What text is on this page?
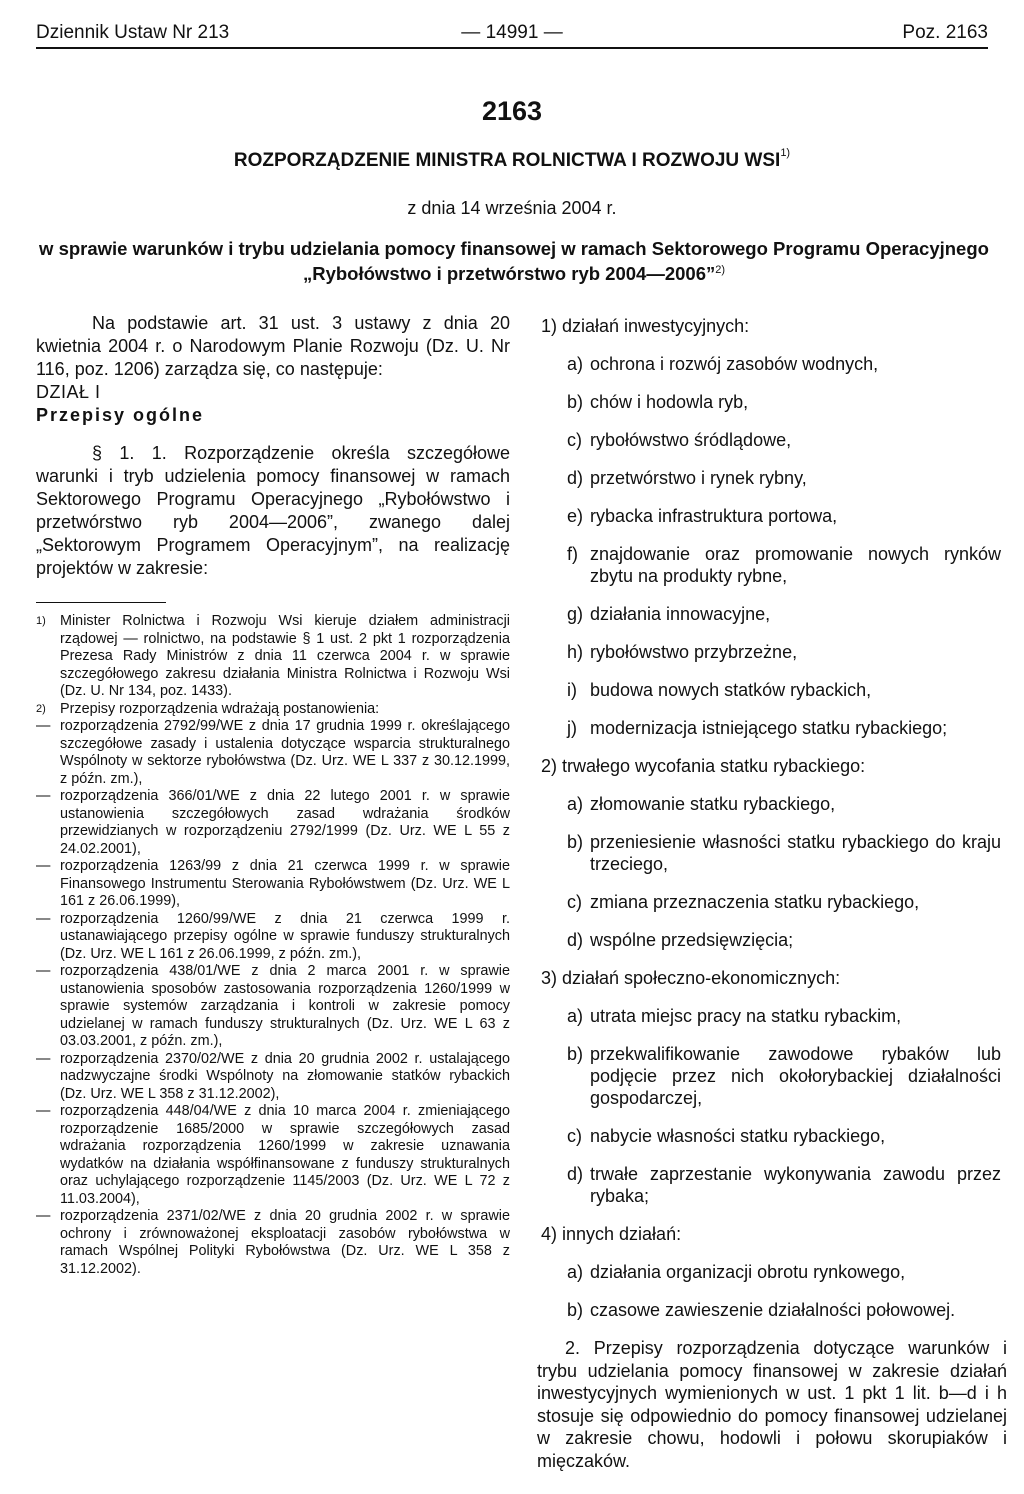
Dziennik Ustaw Nr 213	— 14991 —	Poz. 2163
2163
ROZPORZĄDZENIE MINISTRA ROLNICTWA I ROZWOJU WSI$^{1)}$
z dnia 14 września 2004 r.
w sprawie warunków i trybu udzielania pomocy finansowej w ramach Sektorowego Programu Operacyjnego
„Rybołówstwo i przetwórstwo ryb 2004—2006”$^{2)}$

Na podstawie art. 31 ust. 3 ustawy z dnia 20 kwietnia 2004 r. o Narodowym Planie Rozwoju (Dz. U. Nr 116, poz. 1206) zarządza się, co następuje:

DZIAŁ I

Przepisy ogólne

§ 1. 1. Rozporządzenie określa szczegółowe warunki i tryb udzielenia pomocy finansowej w ramach Sektorowego Programu Operacyjnego „Rybołówstwo i przetwórstwo ryb 2004—2006”, zwanego dalej „Sektorowym Programem Operacyjnym”, na realizację projektów w zakresie:

1) Minister Rolnictwa i Rozwoju Wsi kieruje działem administracji rządowej — rolnictwo, na podstawie § 1 ust. 2 pkt 1 rozporządzenia Prezesa Rady Ministrów z dnia 11 czerwca 2004 r. w sprawie szczegółowego zakresu działania Ministra Rolnictwa i Rozwoju Wsi (Dz. U. Nr 134, poz. 1433).

2) Przepisy rozporządzenia wdrażają postanowienia:

— rozporządzenia 2792/99/WE z dnia 17 grudnia 1999 r. określającego szczegółowe zasady i ustalenia dotyczące wsparcia strukturalnego Wspólnoty w sektorze rybołówstwa (Dz. Urz. WE L 337 z 30.12.1999, z późn. zm.),

— rozporządzenia 366/01/WE z dnia 22 lutego 2001 r. w sprawie ustanowienia szczegółowych zasad wdrażania środków przewidzianych w rozporządzeniu 2792/1999 (Dz. Urz. WE L 55 z 24.02.2001),

— rozporządzenia 1263/99 z dnia 21 czerwca 1999 r. w sprawie Finansowego Instrumentu Sterowania Rybołówstwem (Dz. Urz. WE L 161 z 26.06.1999),

— rozporządzenia 1260/99/WE z dnia 21 czerwca 1999 r. ustanawiającego przepisy ogólne w sprawie funduszy strukturalnych (Dz. Urz. WE L 161 z 26.06.1999, z późn. zm.),

— rozporządzenia 438/01/WE z dnia 2 marca 2001 r. w sprawie ustanowienia sposobów zastosowania rozporządzenia 1260/1999 w sprawie systemów zarządzania i kontroli w zakresie pomocy udzielanej w ramach funduszy strukturalnych (Dz. Urz. WE L 63 z 03.03.2001, z późn. zm.),

— rozporządzenia 2370/02/WE z dnia 20 grudnia 2002 r. ustalającego nadzwyczajne środki Wspólnoty na złomowanie statków rybackich (Dz. Urz. WE L 358 z 31.12.2002),

— rozporządzenia 448/04/WE z dnia 10 marca 2004 r. zmieniającego rozporządzenie 1685/2000 w sprawie szczegółowych zasad wdrażania rozporządzenia 1260/1999 w zakresie uznawania wydatków na działania współfinansowane z funduszy strukturalnych oraz uchylającego rozporządzenie 1145/2003 (Dz. Urz. WE L 72 z 11.03.2004),

— rozporządzenia 2371/02/WE z dnia 20 grudnia 2002 r. w sprawie ochrony i zrównoważonej eksploatacji zasobów rybołówstwa w ramach Wspólnej Polityki Rybołówstwa (Dz. Urz. WE L 358 z 31.12.2002).

1) działań inwestycyjnych:

a) ochrona i rozwój zasobów wodnych,

b) chów i hodowla ryb,

c) rybołówstwo śródlądowe,

d) przetwórstwo i rynek rybny,

e) rybacka infrastruktura portowa,

f) znajdowanie oraz promowanie nowych rynków zbytu na produkty rybne,

g) działania innowacyjne,

h) rybołówstwo przybrzeżne,

i) budowa nowych statków rybackich,

j) modernizacja istniejącego statku rybackiego;

2) trwałego wycofania statku rybackiego:

a) złomowanie statku rybackiego,

b) przeniesienie własności statku rybackiego do kraju trzeciego,

c) zmiana przeznaczenia statku rybackiego,

d) wspólne przedsięwzięcia;

3) działań społeczno-ekonomicznych:

a) utrata miejsc pracy na statku rybackim,

b) przekwalifikowanie zawodowe rybaków lub podjęcie przez nich okołorybackiej działalności gospodarczej,

c) nabycie własności statku rybackiego,

d) trwałe zaprzestanie wykonywania zawodu przez rybaka;

4) innych działań:

a) działania organizacji obrotu rynkowego,

b) czasowe zawieszenie działalności połowowej.

2. Przepisy rozporządzenia dotyczące warunków i trybu udzielania pomocy finansowej w zakresie działań inwestycyjnych wymienionych w ust. 1 pkt 1 lit. b—d i h stosuje się odpowiednio do pomocy finansowej udzielanej w zakresie chowu, hodowli i połowu skorupiaków i mięczaków.
